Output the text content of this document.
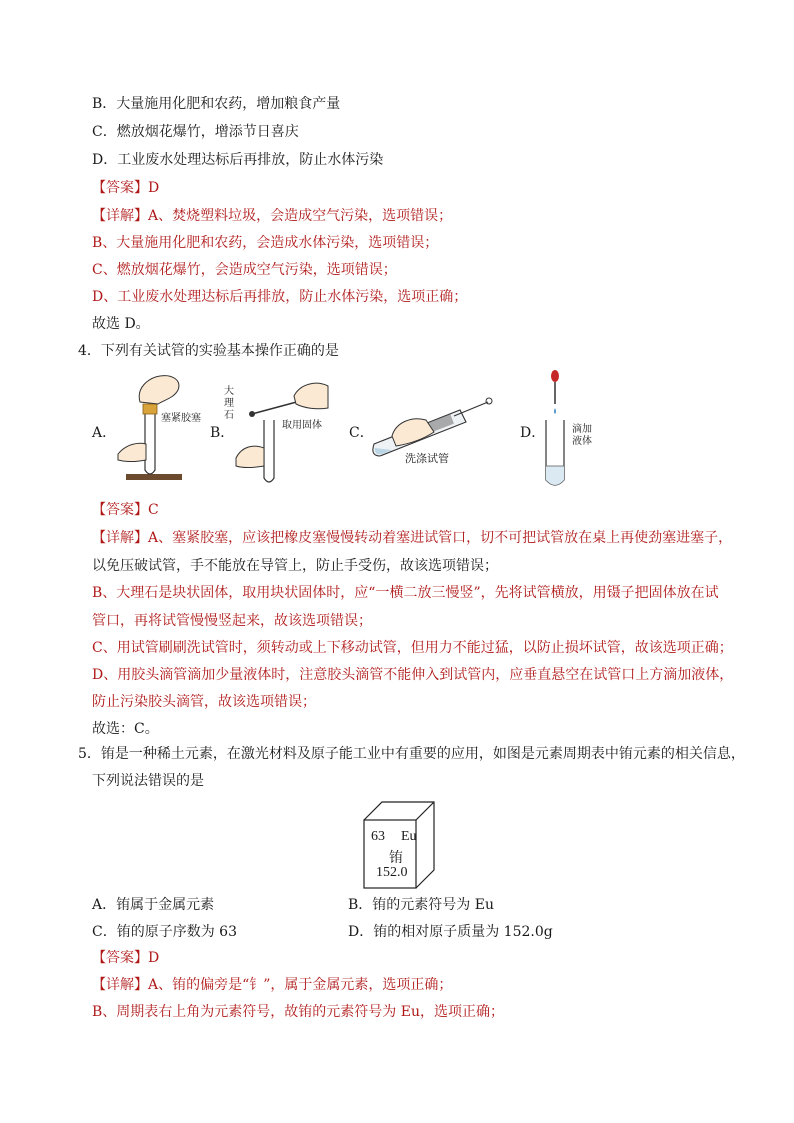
B．大量施用化肥和农药，增加粮食产量
C．燃放烟花爆竹，增添节日喜庆
D．工业废水处理达标后再排放，防止水体污染
【答案】D
【详解】A、焚烧塑料垃圾，会造成空气污染，选项错误；
B、大量施用化肥和农药，会造成水体污染，选项错误；
C、燃放烟花爆竹，会造成空气污染，选项错误；
D、工业废水处理达标后再排放，防止水体污染，选项正确；
故选 D。
4．下列有关试管的实验基本操作正确的是
A．
塞紧胶塞
B．
大
理
石
取用固体 C．
洗涤试管
D．	滴加
液体
【答案】C
【详解】A、塞紧胶塞，应该把橡皮塞慢慢转动着塞进试管口，切不可把试管放在桌上再使劲塞进塞子，
以免压破试管，手不能放在导管上，防止手受伤，故该选项错误；
B、大理石是块状固体，取用块状固体时，应“一横二放三慢竖”，先将试管横放，用镊子把固体放在试
管口，再将试管慢慢竖起来，故该选项错误；
C、用试管刷刷洗试管时，须转动或上下移动试管，但用力不能过猛，以防止损坏试管，故该选项正确；
D、用胶头滴管滴加少量液体时，注意胶头滴管不能伸入到试管内，应垂直悬空在试管口上方滴加液体，
防止污染胶头滴管，故该选项错误；
故选：C。
5．铕是一种稀土元素，在激光材料及原子能工业中有重要的应用，如图是元素周期表中铕元素的相关信息，
下列说法错误的是
63 Eu
铕
152.0
A．铕属于金属元素	B．铕的元素符号为 Eu
C．铕的原子序数为 63	D．铕的相对原子质量为 152.0g
【答案】D
【详解】A、铕的偏旁是“钅”，属于金属元素，选项正确；
B、周期表右上角为元素符号，故铕的元素符号为 Eu，选项正确；
